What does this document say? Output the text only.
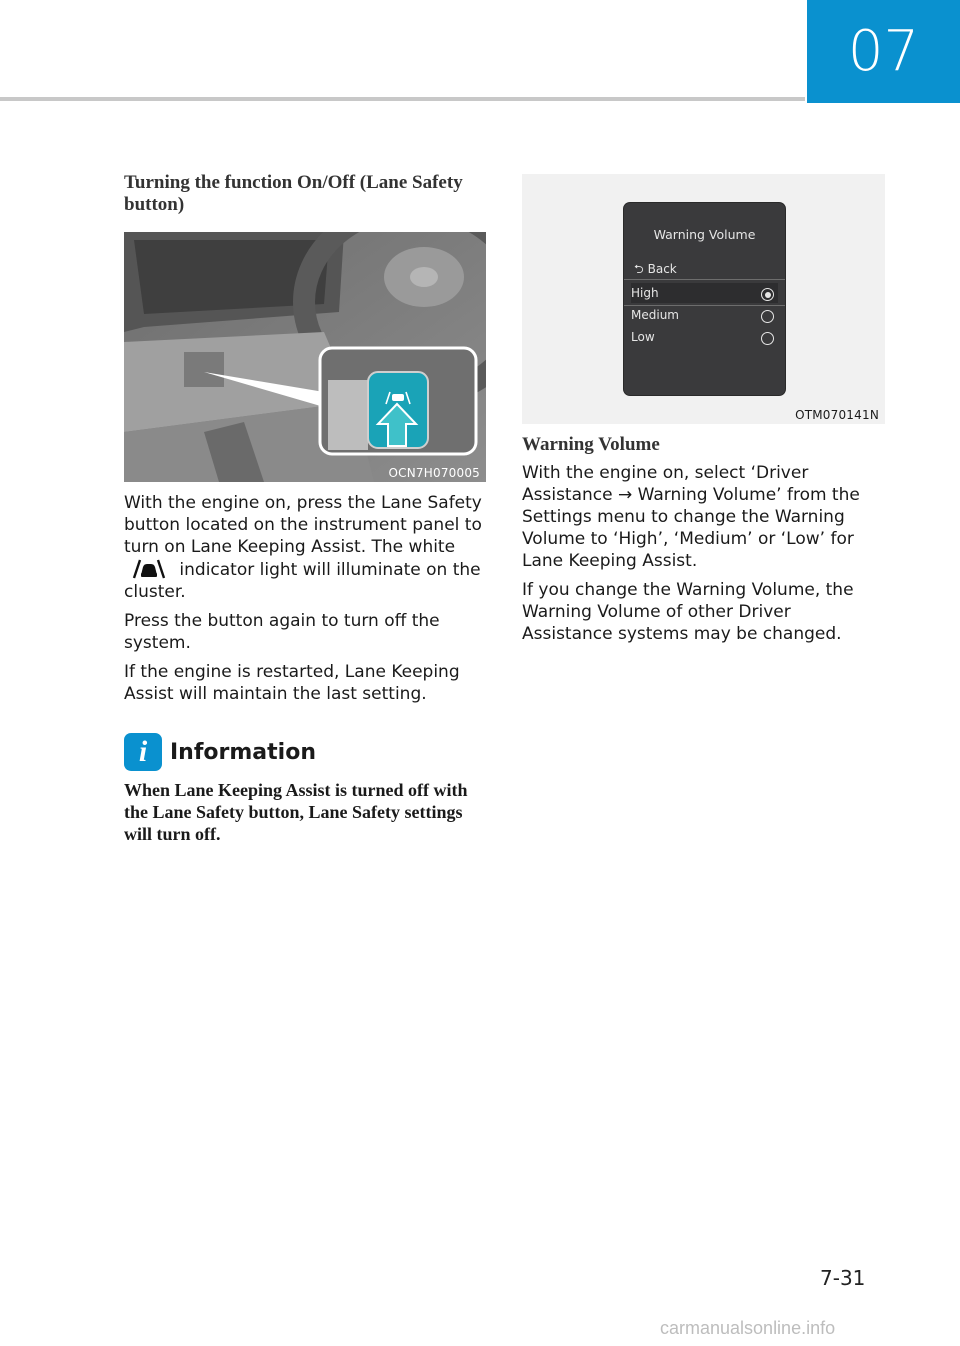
07
Turning the function On/Off (Lane Safety button)
OCN7H070005

With the engine on, press the Lane Safety button located on the instrument panel to turn on Lane Keeping Assist. The white  indicator light will illuminate on the cluster.

Press the button again to turn off the system.

If the engine is restarted, Lane Keeping Assist will maintain the last setting.

i	Information

When Lane Keeping Assist is turned off with the Lane Safety button, Lane Safety settings will turn off.

Warning Volume
⮌ Back
High
Medium
Low
OTM070141N
Warning Volume

With the engine on, select ‘Driver Assistance → Warning Volume’ from the Settings menu to change the Warning Volume to ‘High’, ‘Medium’ or ‘Low’ for Lane Keeping Assist.

If you change the Warning Volume, the Warning Volume of other Driver Assistance systems may be changed.

7-31
carmanualsonline.info
